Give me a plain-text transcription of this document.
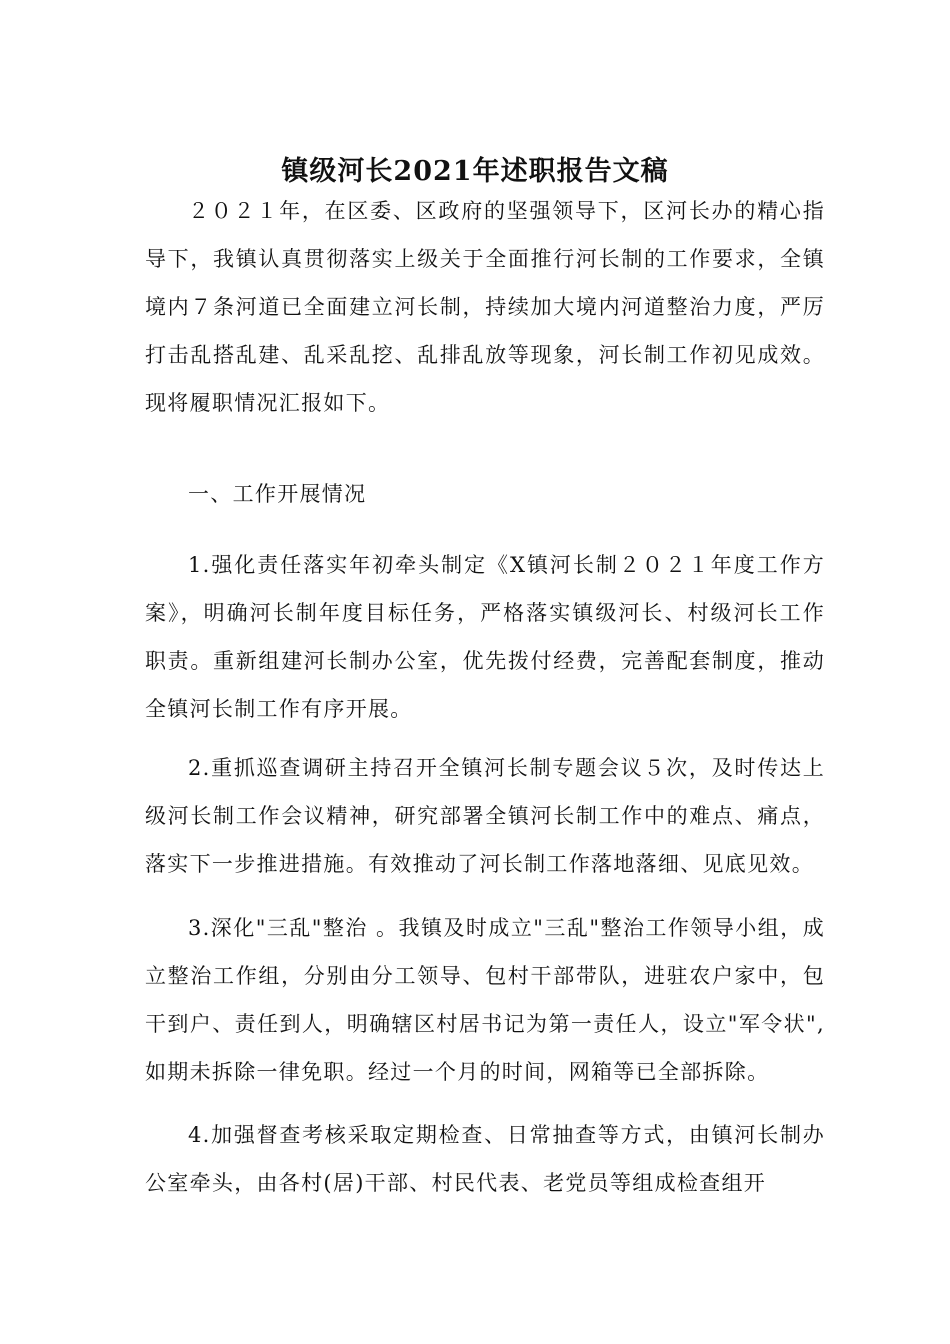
镇级河长2021年述职报告文稿

２０２１年，在区委、区政府的坚强领导下，区河长办的精心指导下，我镇认真贯彻落实上级关于全面推行河长制的工作要求，全镇境内７条河道已全面建立河长制，持续加大境内河道整治力度，严厉打击乱搭乱建、乱采乱挖、乱排乱放等现象，河长制工作初见成效。现将履职情况汇报如下。

一、工作开展情况

1.强化责任落实年初牵头制定《X镇河长制２０２１年度工作方案》，明确河长制年度目标任务，严格落实镇级河长、村级河长工作职责。重新组建河长制办公室，优先拨付经费，完善配套制度，推动全镇河长制工作有序开展。

2.重抓巡查调研主持召开全镇河长制专题会议５次，及时传达上级河长制工作会议精神，研究部署全镇河长制工作中的难点、痛点，落实下一步推进措施。有效推动了河长制工作落地落细、见底见效。

3.深化"三乱"整治 。我镇及时成立"三乱"整治工作领导小组，成立整治工作组，分别由分工领导、包村干部带队，进驻农户家中，包干到户、责任到人，明确辖区村居书记为第一责任人，设立"军令状",如期未拆除一律免职。经过一个月的时间，网箱等已全部拆除。

4.加强督查考核采取定期检查、日常抽查等方式，由镇河长制办公室牵头，由各村(居)干部、村民代表、老党员等组成检查组开
